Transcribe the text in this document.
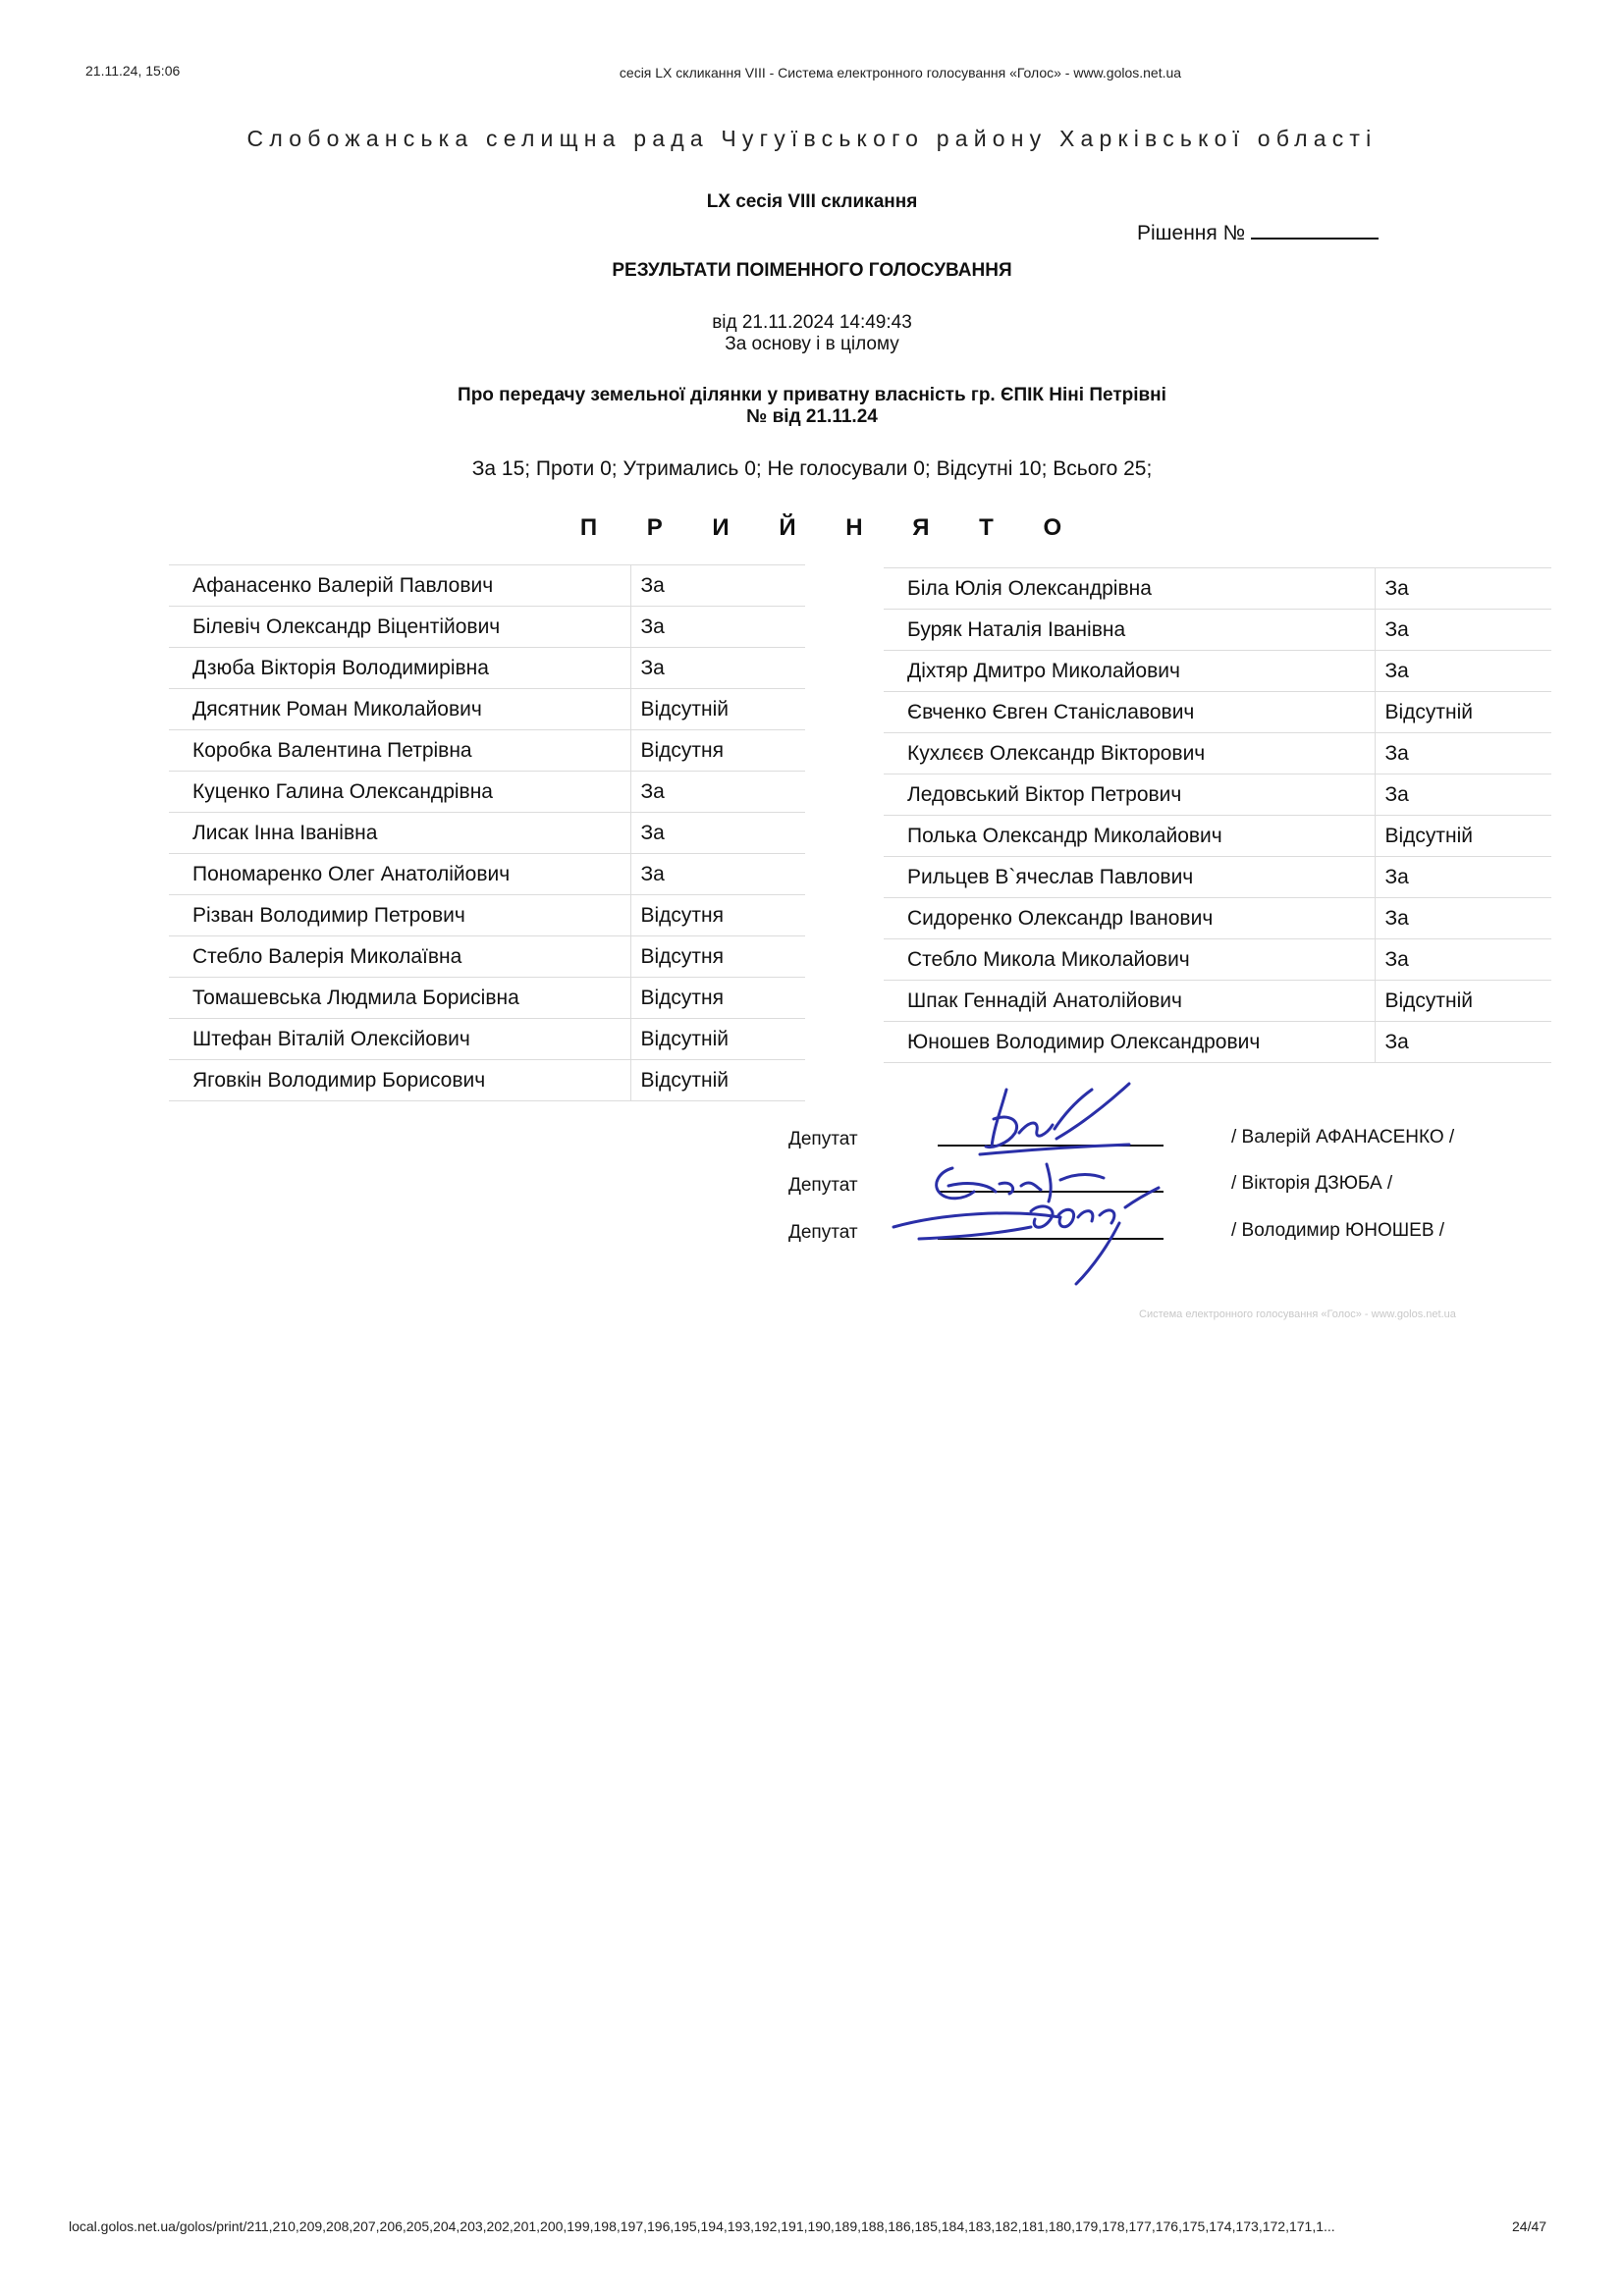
21.11.24, 15:06	сесія LX скликання VIII - Система електронного голосування «Голос» - www.golos.net.ua
Слобожанська селищна рада Чугуївського району Харківської області
LX сесія VIII скликання
Рішення №
РЕЗУЛЬТАТИ ПОІМЕННОГО ГОЛОСУВАННЯ
від 21.11.2024 14:49:43
За основу і в цілому
Про передачу земельної ділянки у приватну власність гр. ЄПІК Ніні Петрівні
№ від 21.11.24
За 15; Проти 0; Утримались 0; Не голосували 0; Відсутні 10; Всього 25;
П Р И Й Н Я Т О
Афанасенко Валерій Павлович	За
Білевіч Олександр Віцентійович	За
Дзюба Вікторія Володимирівна	За
Дясятник Роман Миколайович	Відсутній
Коробка Валентина Петрівна	Відсутня
Куценко Галина Олександрівна	За
Лисак Інна Іванівна	За
Пономаренко Олег Анатолійович	За
Різван Володимир Петрович	Відсутня
Стебло Валерія Миколаївна	Відсутня
Томашевська Людмила Борисівна	Відсутня
Штефан Віталій Олексійович	Відсутній
Яговкін Володимир Борисович	Відсутній
Біла Юлія Олександрівна	За
Буряк Наталія Іванівна	За
Діхтяр Дмитро Миколайович	За
Євченко Євген Станіславович	Відсутній
Кухлєєв Олександр Вікторович	За
Ледовський Віктор Петрович	За
Полька Олександр Миколайович	Відсутній
Рильцев В`ячеслав Павлович	За
Сидоренко Олександр Іванович	За
Стебло Микола Миколайович	За
Шпак Геннадій Анатолійович	Відсутній
Юношев Володимир Олександрович	За
Депутат	/ Валерій АФАНАСЕНКО /
Депутат	/ Вікторія ДЗЮБА /
Депутат	/ Володимир ЮНОШЕВ /
Система електронного голосування «Голос» - www.golos.net.ua
local.golos.net.ua/golos/print/211,210,209,208,207,206,205,204,203,202,201,200,199,198,197,196,195,194,193,192,191,190,189,188,186,185,184,183,182,181,180,179,178,177,176,175,174,173,172,171,1...	24/47
